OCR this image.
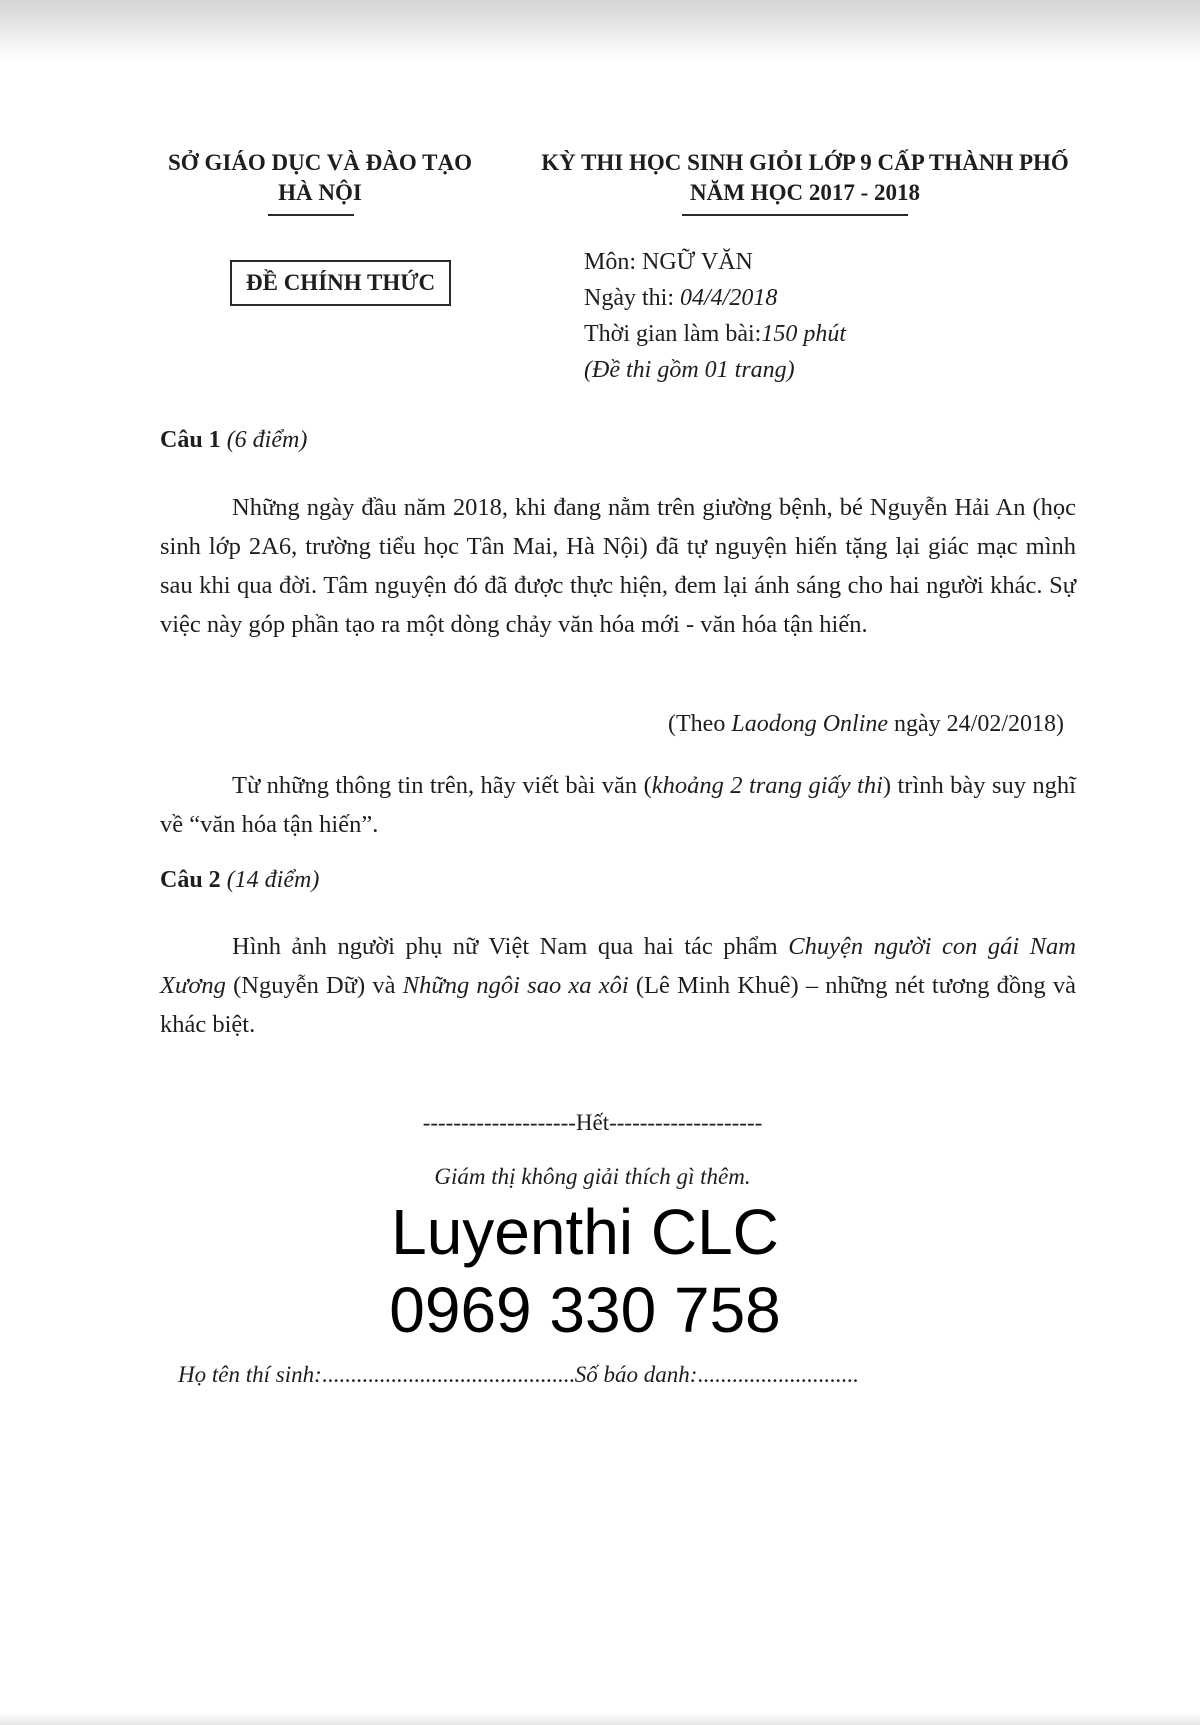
SỞ GIÁO DỤC VÀ ĐÀO TẠO
HÀ NỘI
KỲ THI HỌC SINH GIỎI LỚP 9 CẤP THÀNH PHỐ
NĂM HỌC 2017 - 2018
ĐỀ CHÍNH THỨC
Môn: NGỮ VĂN
Ngày thi: 04/4/2018
Thời gian làm bài:150 phút
(Đề thi gồm 01 trang)
Câu 1 (6 điểm)
Những ngày đầu năm 2018, khi đang nằm trên giường bệnh, bé Nguyễn Hải An (học sinh lớp 2A6, trường tiểu học Tân Mai, Hà Nội) đã tự nguyện hiến tặng lại giác mạc mình sau khi qua đời. Tâm nguyện đó đã được thực hiện, đem lại ánh sáng cho hai người khác. Sự việc này góp phần tạo ra một dòng chảy văn hóa mới - văn hóa tận hiến.
(Theo Laodong Online ngày 24/02/2018)
Từ những thông tin trên, hãy viết bài văn (khoảng 2 trang giấy thi) trình bày suy nghĩ về “văn hóa tận hiến”.
Câu 2 (14 điểm)
Hình ảnh người phụ nữ Việt Nam qua hai tác phẩm Chuyện người con gái Nam Xương (Nguyễn Dữ) và Những ngôi sao xa xôi (Lê Minh Khuê) – những nét tương đồng và khác biệt.
--------------------Hết--------------------
Giám thị không giải thích gì thêm.
Luyenthi CLC
0969 330 758
Họ tên thí sinh:............................................Số báo danh:............................
